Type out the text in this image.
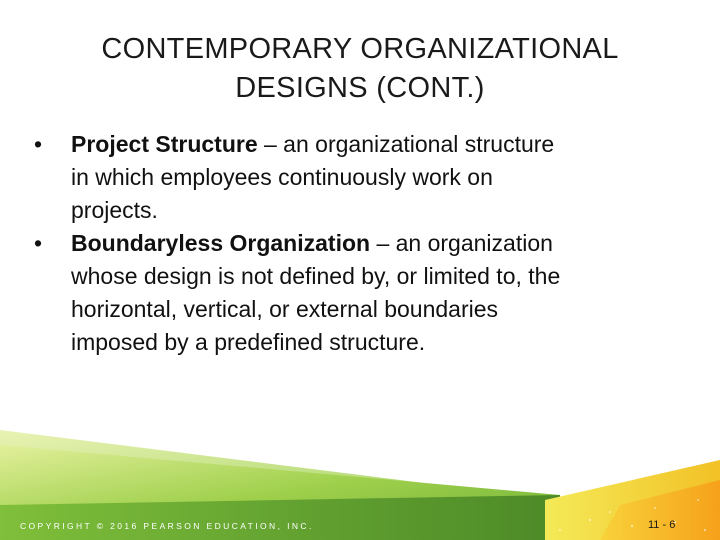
CONTEMPORARY ORGANIZATIONAL
DESIGNS (CONT.)
• Project Structure – an organizational structure
in which employees continuously work on
projects.
• Boundaryless Organization – an organization
whose design is not defined by, or limited to, the
horizontal, vertical, or external boundaries
imposed by a predefined structure.
COPYRIGHT © 2016 PEARSON EDUCATION, INC.	11 - 6
